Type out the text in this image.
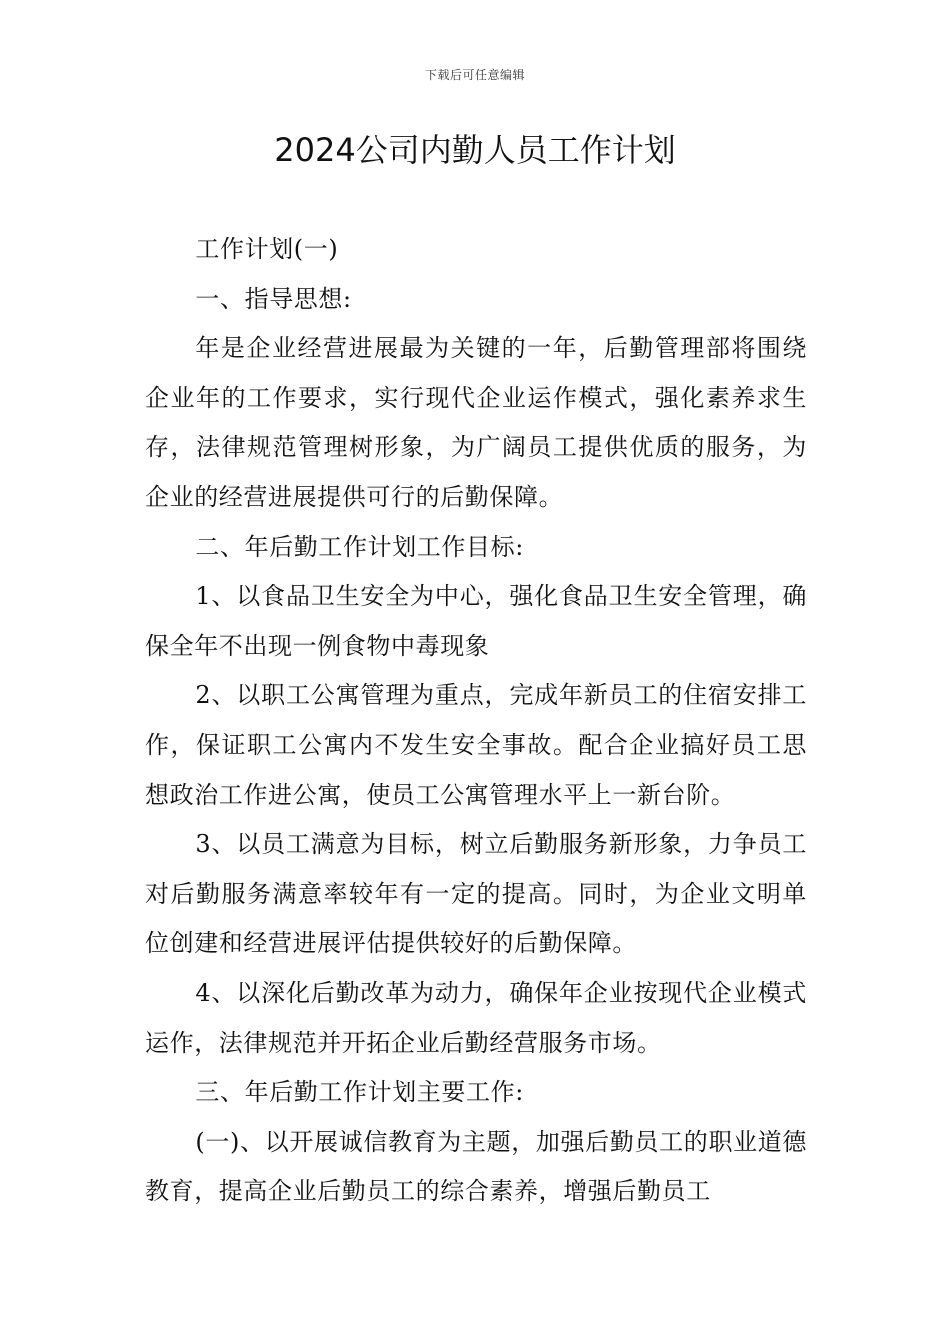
下载后可任意编辑
2024公司内勤人员工作计划

工作计划(一)

一、指导思想:

年是企业经营进展最为关键的一年，后勤管理部将围绕企业年的工作要求，实行现代企业运作模式，强化素养求生存，法律规范管理树形象，为广阔员工提供优质的服务，为企业的经营进展提供可行的后勤保障。

二、年后勤工作计划工作目标:

1、以食品卫生安全为中心，强化食品卫生安全管理，确保全年不出现一例食物中毒现象

2、以职工公寓管理为重点，完成年新员工的住宿安排工作，保证职工公寓内不发生安全事故。配合企业搞好员工思想政治工作进公寓，使员工公寓管理水平上一新台阶。

3、以员工满意为目标，树立后勤服务新形象，力争员工对后勤服务满意率较年有一定的提高。同时，为企业文明单位创建和经营进展评估提供较好的后勤保障。

4、以深化后勤改革为动力，确保年企业按现代企业模式运作，法律规范并开拓企业后勤经营服务市场。

三、年后勤工作计划主要工作:

(一)、以开展诚信教育为主题，加强后勤员工的职业道德教育，提高企业后勤员工的综合素养，增强后勤员工
